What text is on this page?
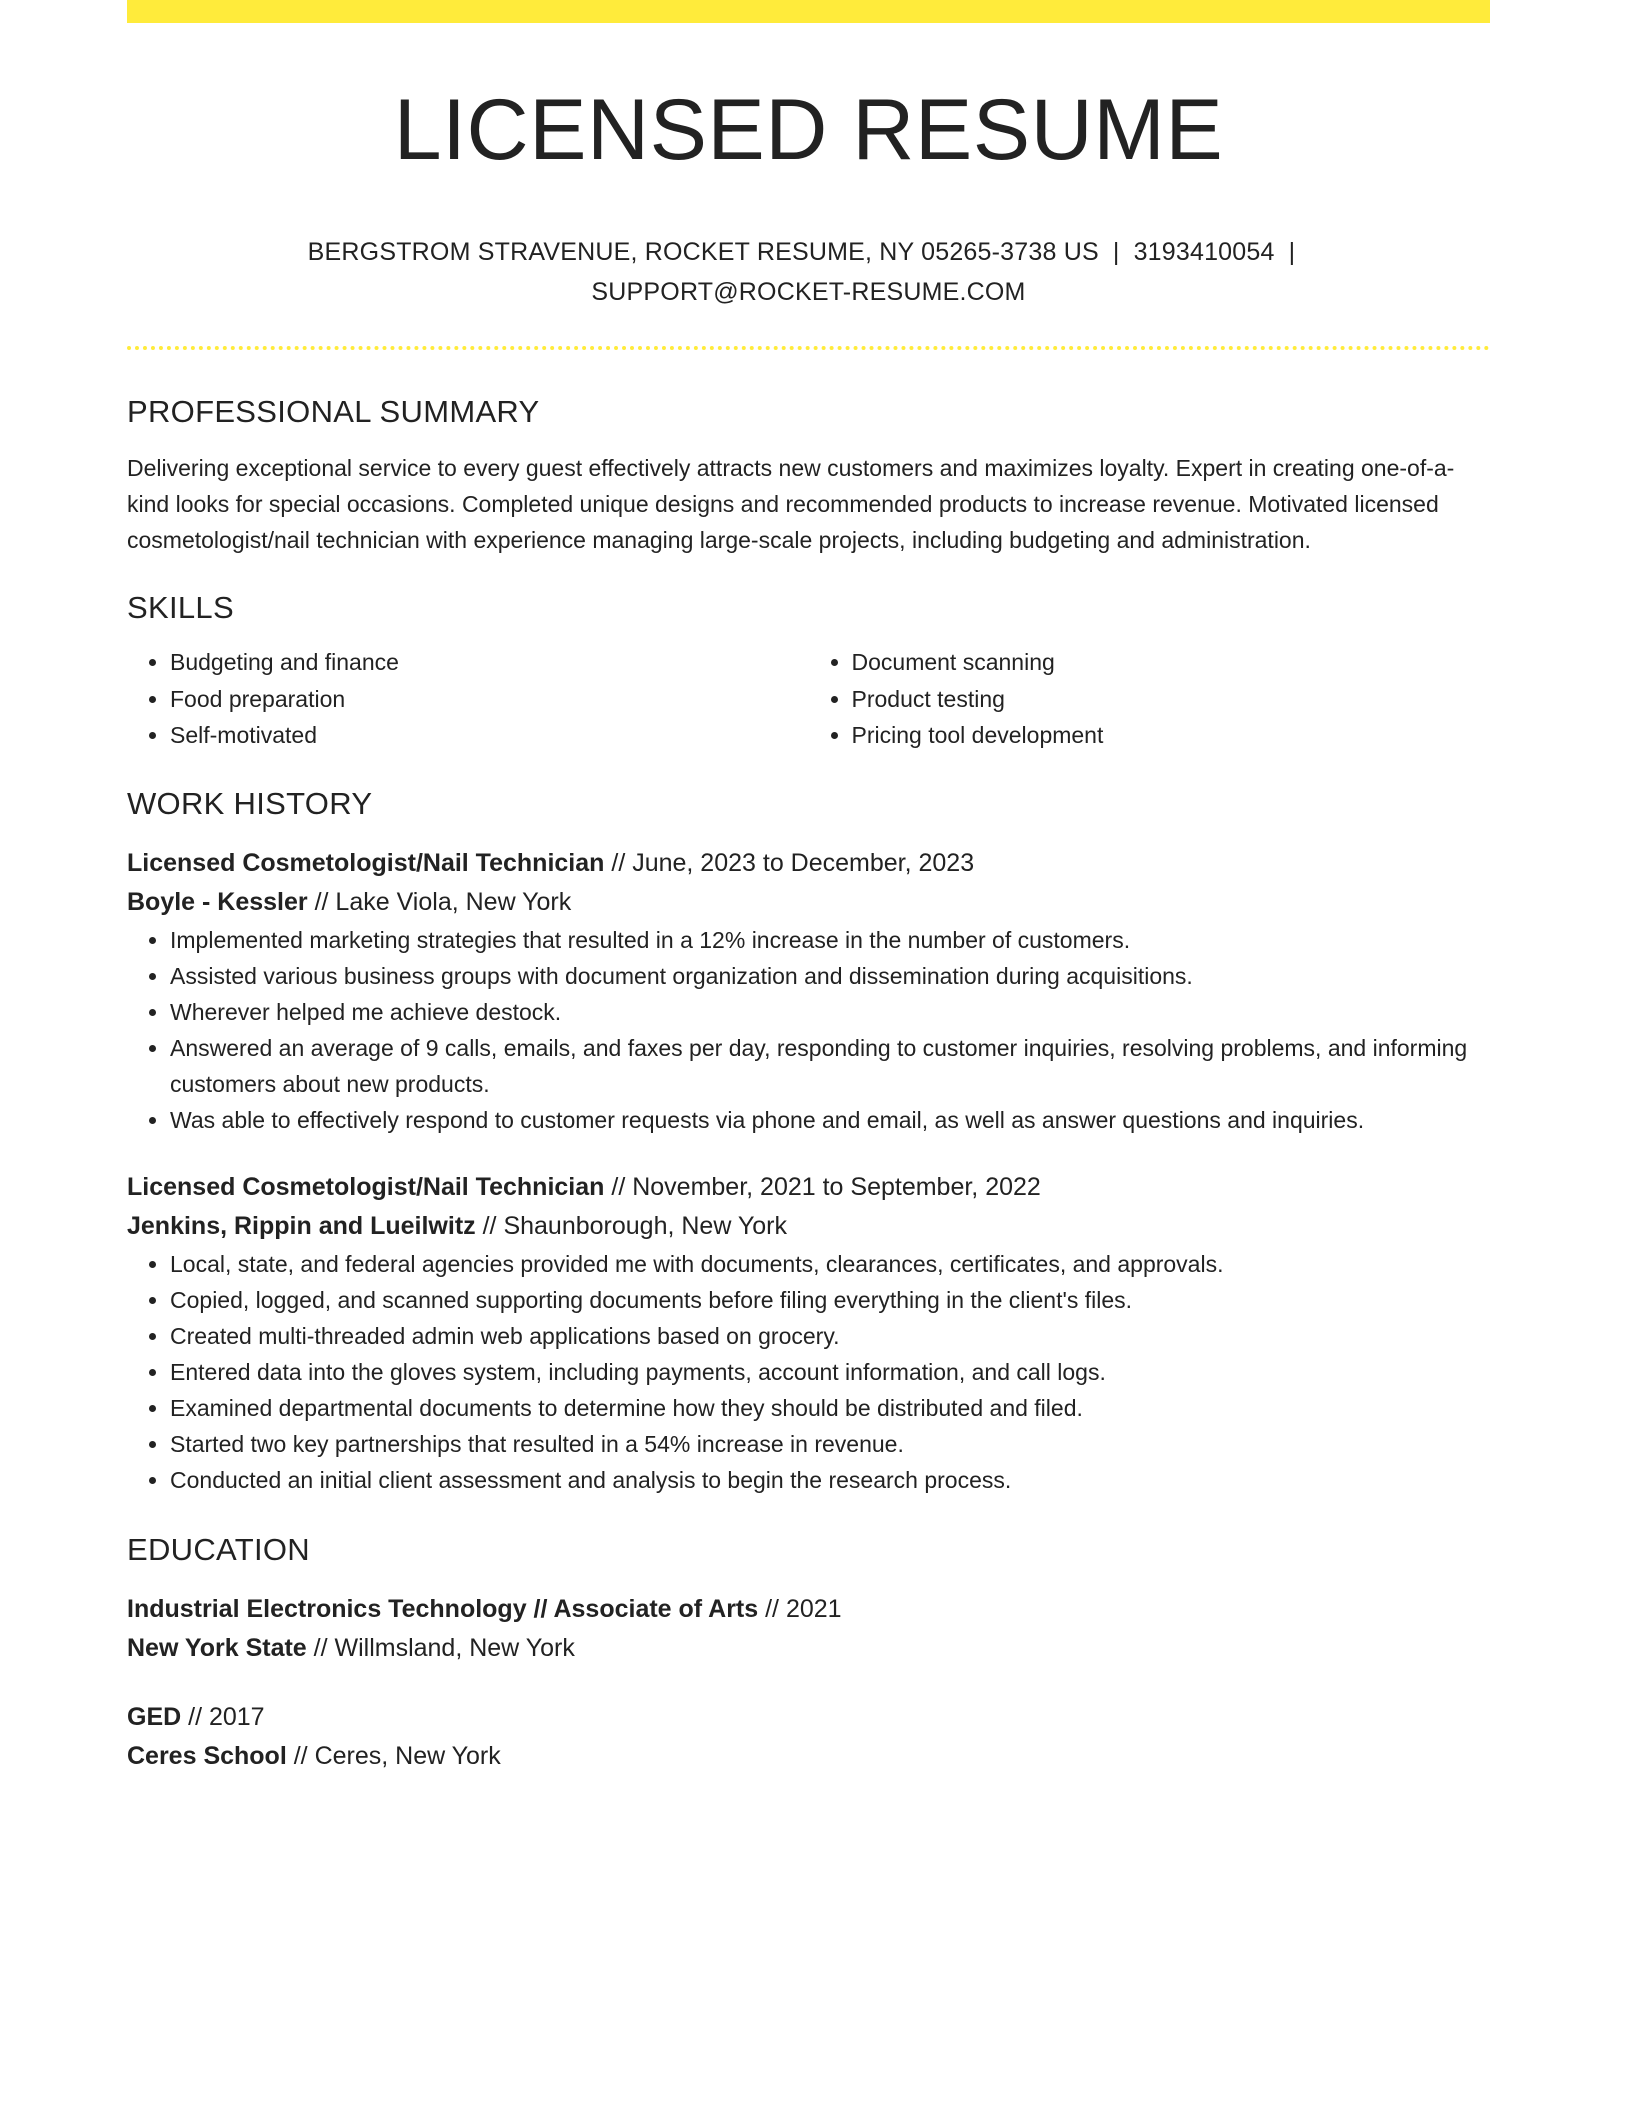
LICENSED RESUME
BERGSTROM STRAVENUE, ROCKET RESUME, NY 05265-3738 US | 3193410054 |
SUPPORT@ROCKET-RESUME.COM
PROFESSIONAL SUMMARY

Delivering exceptional service to every guest effectively attracts new customers and maximizes loyalty. Expert in creating one-of-a-kind looks for special occasions. Completed unique designs and recommended products to increase revenue. Motivated licensed cosmetologist/nail technician with experience managing large-scale projects, including budgeting and administration.

SKILLS
• Budgeting and finance
• Food preparation
• Self-motivated
• Document scanning
• Product testing
• Pricing tool development
WORK HISTORY
Licensed Cosmetologist/Nail Technician // June, 2023 to December, 2023
Boyle - Kessler // Lake Viola, New York
• Implemented marketing strategies that resulted in a 12% increase in the number of customers.
• Assisted various business groups with document organization and dissemination during acquisitions.
• Wherever helped me achieve destock.
• Answered an average of 9 calls, emails, and faxes per day, responding to customer inquiries, resolving problems, and informing customers about new products.
• Was able to effectively respond to customer requests via phone and email, as well as answer questions and inquiries.
Licensed Cosmetologist/Nail Technician // November, 2021 to September, 2022
Jenkins, Rippin and Lueilwitz // Shaunborough, New York
• Local, state, and federal agencies provided me with documents, clearances, certificates, and approvals.
• Copied, logged, and scanned supporting documents before filing everything in the client's files.
• Created multi-threaded admin web applications based on grocery.
• Entered data into the gloves system, including payments, account information, and call logs.
• Examined departmental documents to determine how they should be distributed and filed.
• Started two key partnerships that resulted in a 54% increase in revenue.
• Conducted an initial client assessment and analysis to begin the research process.
EDUCATION
Industrial Electronics Technology // Associate of Arts // 2021
New York State // Willmsland, New York
GED // 2017
Ceres School // Ceres, New York
